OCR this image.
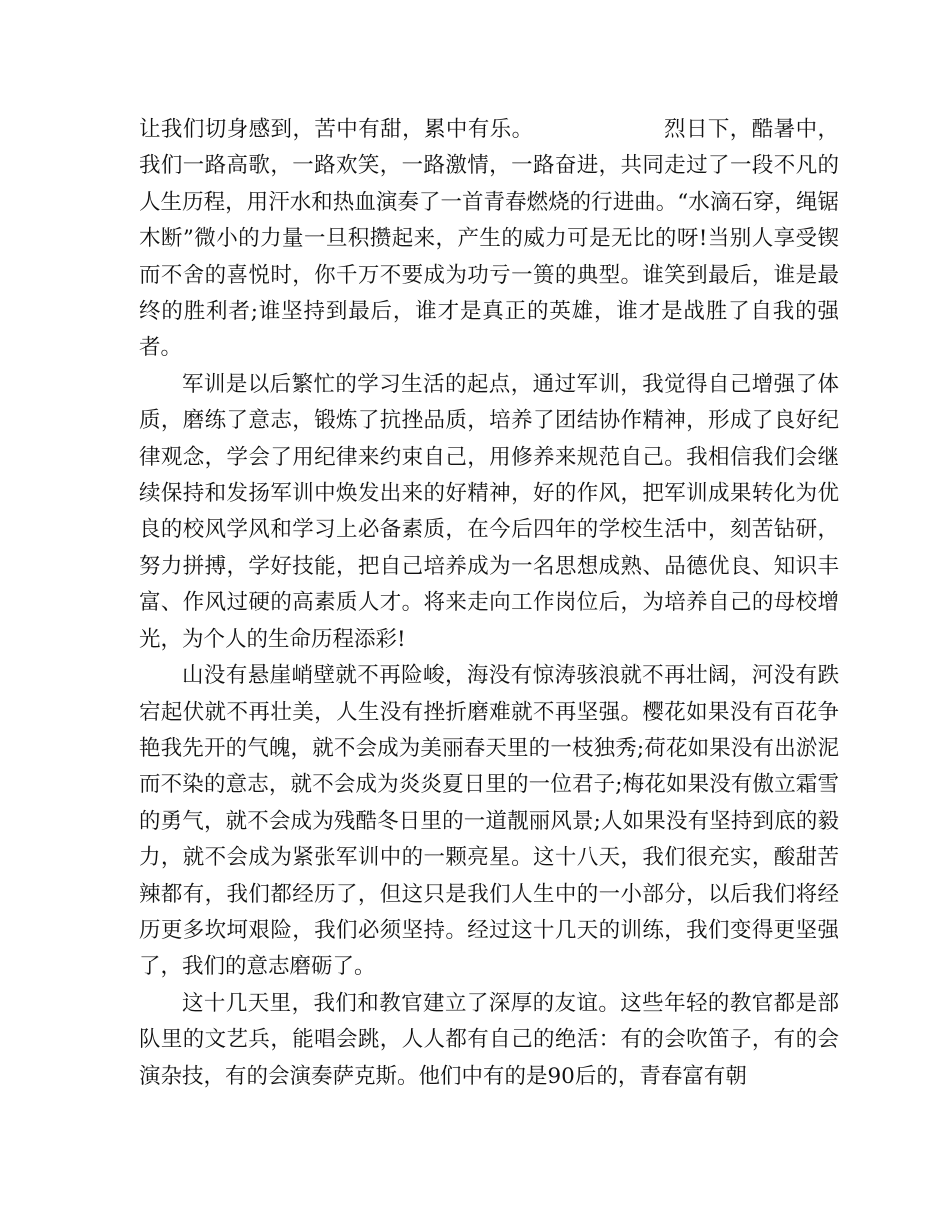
让我们切身感到，苦中有甜，累中有乐。	烈日下，酷暑中，我们一路高歌，一路欢笑，一路激情，一路奋进，共同走过了一段不凡的人生历程，用汗水和热血演奏了一首青春燃烧的行进曲。“水滴石穿，绳锯木断”微小的力量一旦积攒起来，产生的威力可是无比的呀!当别人享受锲而不舍的喜悦时，你千万不要成为功亏一篑的典型。谁笑到最后，谁是最终的胜利者;谁坚持到最后，谁才是真正的英雄，谁才是战胜了自我的强者。

军训是以后繁忙的学习生活的起点，通过军训，我觉得自己增强了体质，磨练了意志，锻炼了抗挫品质，培养了团结协作精神，形成了良好纪律观念，学会了用纪律来约束自己，用修养来规范自己。我相信我们会继续保持和发扬军训中焕发出来的好精神，好的作风，把军训成果转化为优良的校风学风和学习上必备素质，在今后四年的学校生活中，刻苦钻研，努力拼搏，学好技能，把自己培养成为一名思想成熟、品德优良、知识丰富、作风过硬的高素质人才。将来走向工作岗位后，为培养自己的母校增光，为个人的生命历程添彩!

山没有悬崖峭壁就不再险峻，海没有惊涛骇浪就不再壮阔，河没有跌宕起伏就不再壮美，人生没有挫折磨难就不再坚强。樱花如果没有百花争艳我先开的气魄，就不会成为美丽春天里的一枝独秀;荷花如果没有出淤泥而不染的意志，就不会成为炎炎夏日里的一位君子;梅花如果没有傲立霜雪的勇气，就不会成为残酷冬日里的一道靓丽风景;人如果没有坚持到底的毅力，就不会成为紧张军训中的一颗亮星。这十八天，我们很充实，酸甜苦辣都有，我们都经历了，但这只是我们人生中的一小部分，以后我们将经历更多坎坷艰险，我们必须坚持。经过这十几天的训练，我们变得更坚强了，我们的意志磨砺了。

这十几天里，我们和教官建立了深厚的友谊。这些年轻的教官都是部队里的文艺兵，能唱会跳，人人都有自己的绝活：有的会吹笛子，有的会演杂技，有的会演奏萨克斯。他们中有的是90后的，青春富有朝
